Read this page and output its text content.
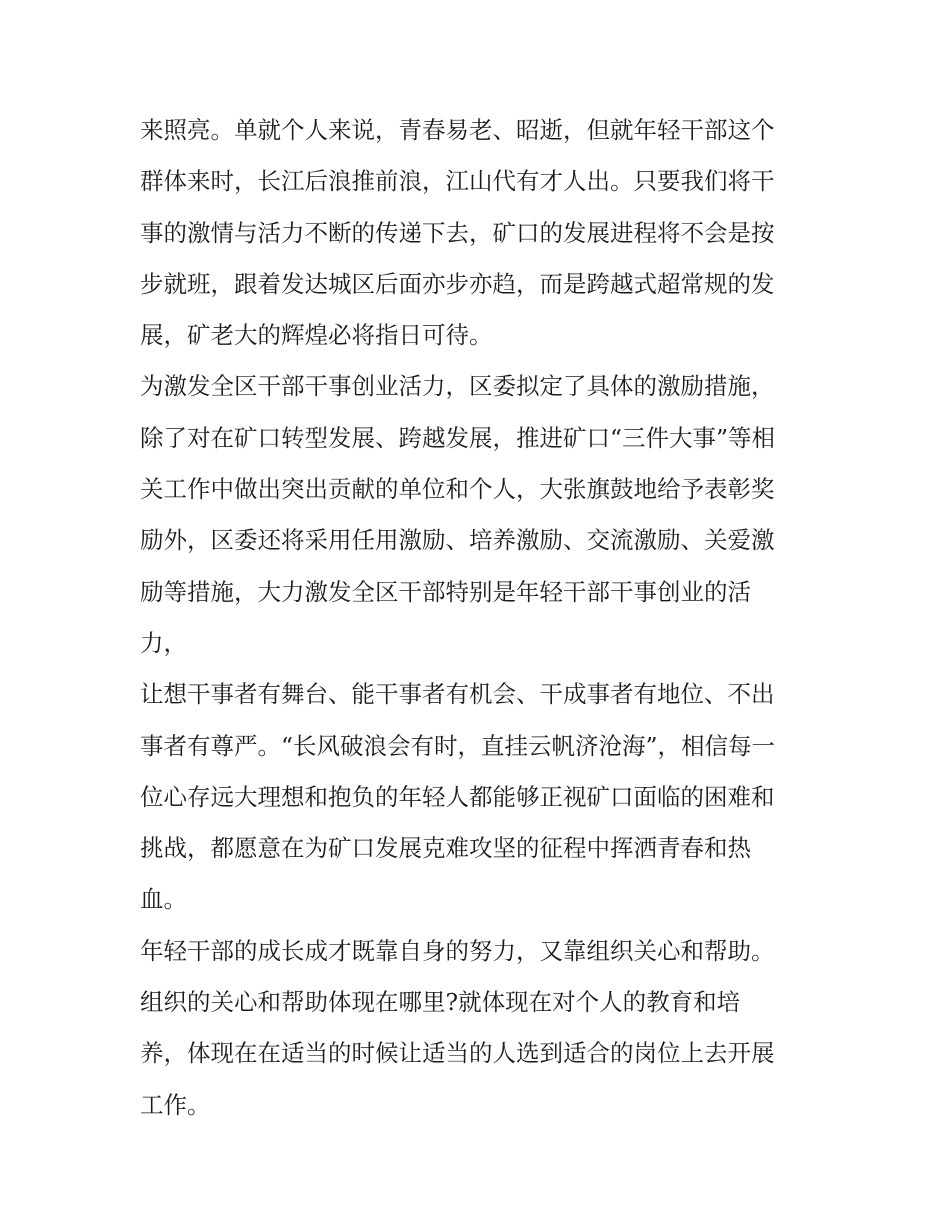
来照亮。单就个人来说，青春易老、昭逝，但就年轻干部这个
群体来时，长江后浪推前浪，江山代有才人出。只要我们将干
事的激情与活力不断的传递下去，矿口的发展进程将不会是按
步就班，跟着发达城区后面亦步亦趋，而是跨越式超常规的发
展，矿老大的辉煌必将指日可待。
为激发全区干部干事创业活力，区委拟定了具体的激励措施，
除了对在矿口转型发展、跨越发展，推进矿口“三件大事”等相
关工作中做出突出贡献的单位和个人，大张旗鼓地给予表彰奖
励外，区委还将采用任用激励、培养激励、交流激励、关爱激
励等措施，大力激发全区干部特别是年轻干部干事创业的活
力，
让想干事者有舞台、能干事者有机会、干成事者有地位、不出
事者有尊严。“长风破浪会有时，直挂云帆济沧海”，相信每一
位心存远大理想和抱负的年轻人都能够正视矿口面临的困难和
挑战，都愿意在为矿口发展克难攻坚的征程中挥洒青春和热
血。
年轻干部的成长成才既靠自身的努力，又靠组织关心和帮助。
组织的关心和帮助体现在哪里?就体现在对个人的教育和培
养，体现在在适当的时候让适当的人选到适合的岗位上去开展
工作。
